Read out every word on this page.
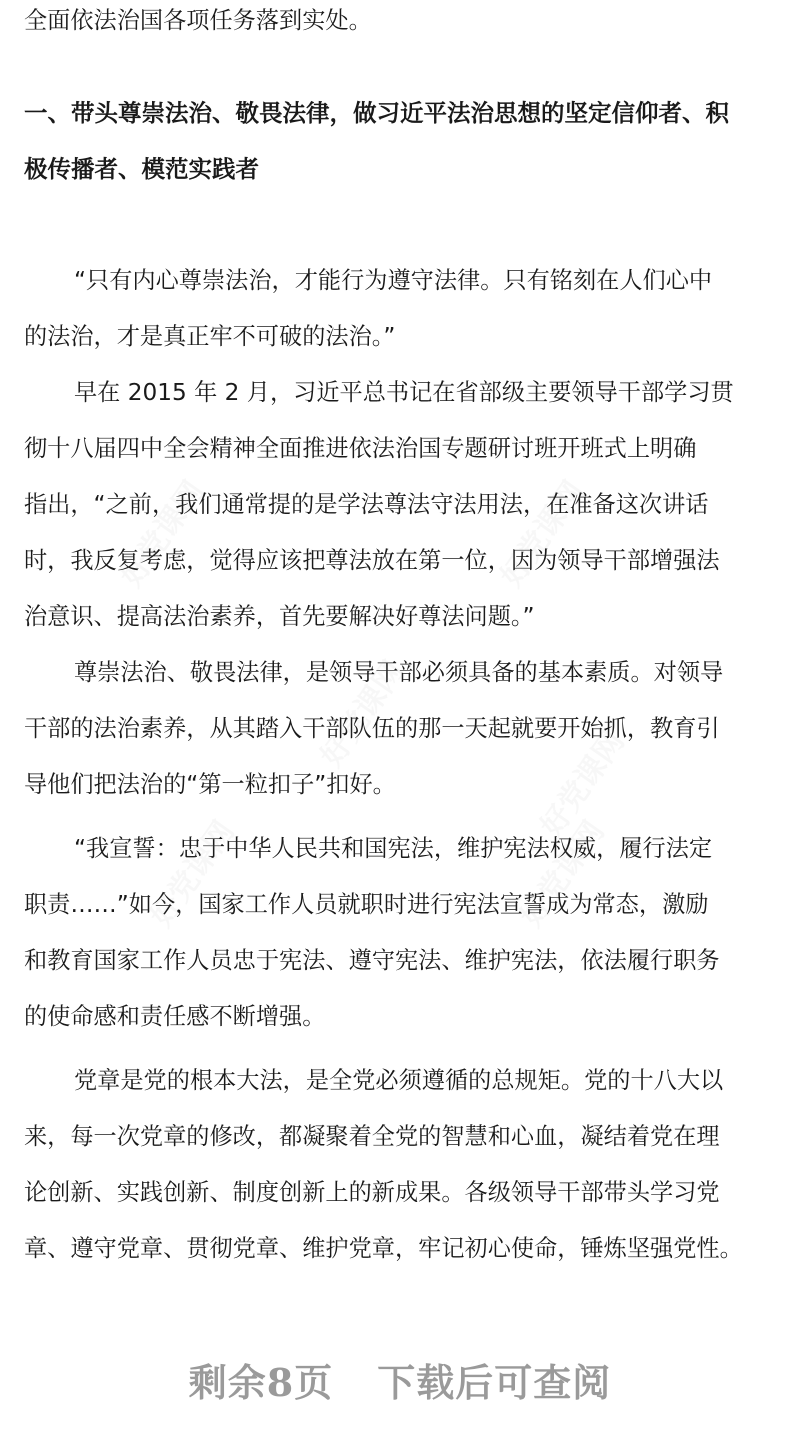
全面依法治国各项任务落到实处。
一、带头尊崇法治、敬畏法律，做习近平法治思想的坚定信仰者、积
极传播者、模范实践者
“只有内心尊崇法治，才能行为遵守法律。只有铭刻在人们心中
的法治，才是真正牢不可破的法治。”
早在 2015 年 2 月，习近平总书记在省部级主要领导干部学习贯
彻十八届四中全会精神全面推进依法治国专题研讨班开班式上明确
指出，“之前，我们通常提的是学法尊法守法用法，在准备这次讲话
时，我反复考虑，觉得应该把尊法放在第一位，因为领导干部增强法
治意识、提高法治素养，首先要解决好尊法问题。”
尊崇法治、敬畏法律，是领导干部必须具备的基本素质。对领导
干部的法治素养，从其踏入干部队伍的那一天起就要开始抓，教育引
导他们把法治的“第一粒扣子”扣好。
“我宣誓：忠于中华人民共和国宪法，维护宪法权威，履行法定
职责……”如今，国家工作人员就职时进行宪法宣誓成为常态，激励
和教育国家工作人员忠于宪法、遵守宪法、维护宪法，依法履行职务
的使命感和责任感不断增强。
党章是党的根本大法，是全党必须遵循的总规矩。党的十八大以
来，每一次党章的修改，都凝聚着全党的智慧和心血，凝结着党在理
论创新、实践创新、制度创新上的新成果。各级领导干部带头学习党
章、遵守党章、贯彻党章、维护党章，牢记初心使命，锤炼坚强党性。
好党课网	好党课网
好党课网
好党课网	好党课网
好党课网
剩余8页 下载后可查阅
